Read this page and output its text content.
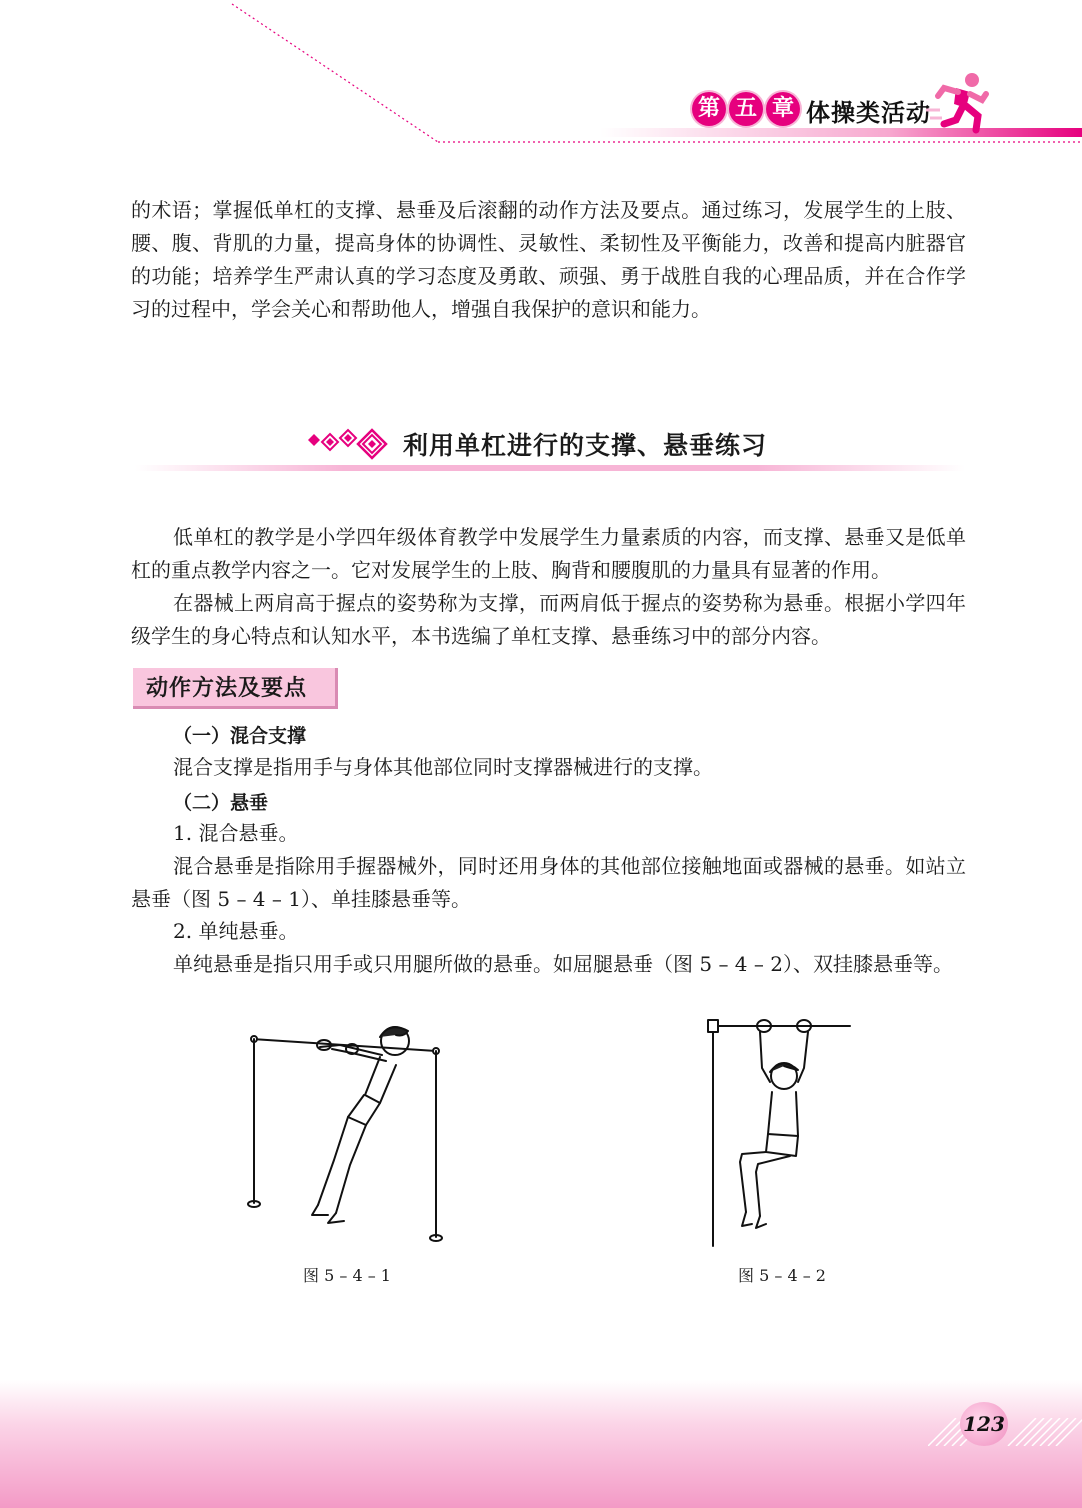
第 五 章 体操类活动

的术语；掌握低单杠的支撑、悬垂及后滚翻的动作方法及要点。通过练习，发展学生的上肢、腰、腹、背肌的力量，提高身体的协调性、灵敏性、柔韧性及平衡能力，改善和提高内脏器官的功能；培养学生严肃认真的学习态度及勇敢、顽强、勇于战胜自我的心理品质，并在合作学习的过程中，学会关心和帮助他人，增强自我保护的意识和能力。

利用单杠进行的支撑、悬垂练习

低单杠的教学是小学四年级体育教学中发展学生力量素质的内容，而支撑、悬垂又是低单杠的重点教学内容之一。它对发展学生的上肢、胸背和腰腹肌的力量具有显著的作用。

在器械上两肩高于握点的姿势称为支撑，而两肩低于握点的姿势称为悬垂。根据小学四年级学生的身心特点和认知水平，本书选编了单杠支撑、悬垂练习中的部分内容。

动作方法及要点
（一）混合支撑

混合支撑是指用手与身体其他部位同时支撑器械进行的支撑。

（二）悬垂

1. 混合悬垂。

混合悬垂是指除用手握器械外，同时还用身体的其他部位接触地面或器械的悬垂。如站立悬垂（图 5 – 4 – 1）、单挂膝悬垂等。

2. 单纯悬垂。

单纯悬垂是指只用手或只用腿所做的悬垂。如屈腿悬垂（图 5 – 4 – 2）、双挂膝悬垂等。

图 5 – 4 – 1	图 5 – 4 – 2
123
